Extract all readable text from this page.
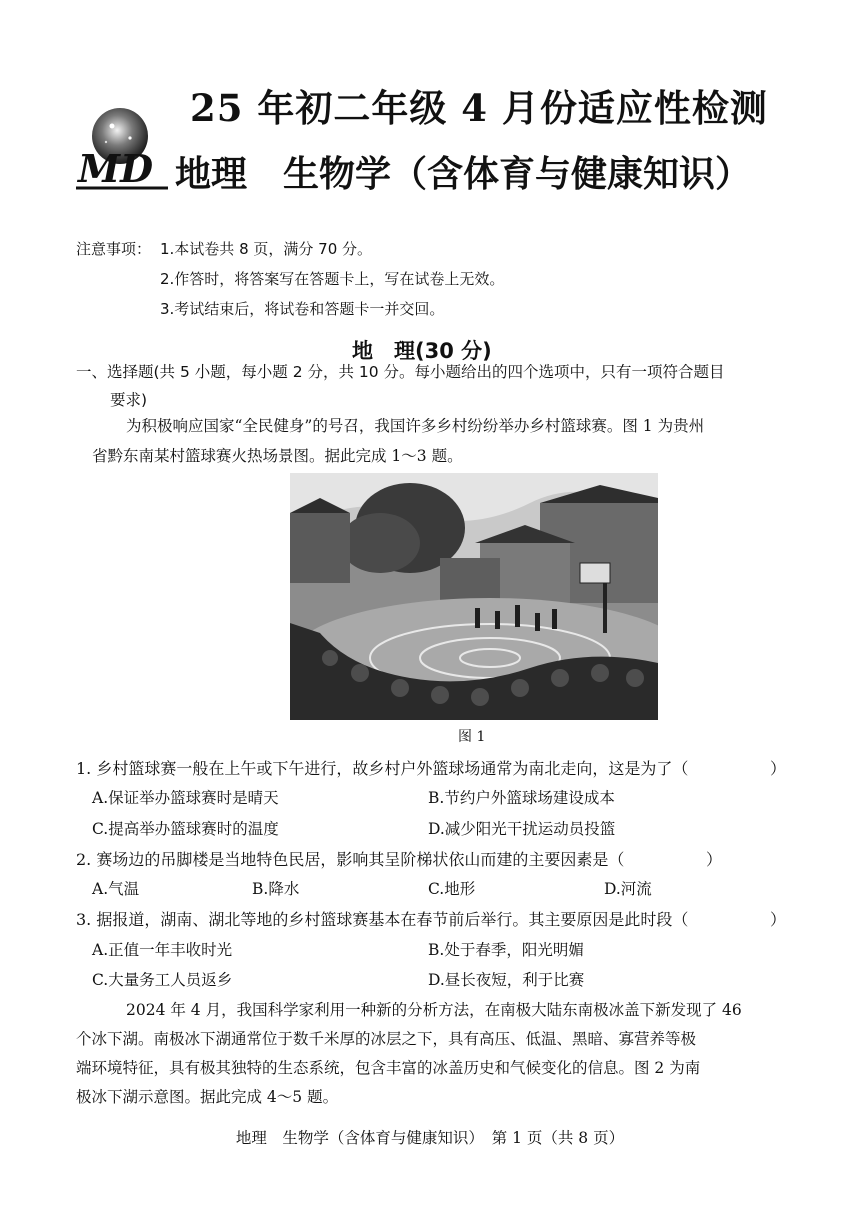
25 年初二年级 4 月份适应性检测
MD 地理　生物学（含体育与健康知识）
注意事项： 1.本试卷共 8 页，满分 70 分。
2.作答时，将答案写在答题卡上，写在试卷上无效。
3.考试结束后，将试卷和答题卡一并交回。
地　理(30 分)
一、选择题(共 5 小题，每小题 2 分，共 10 分。每小题给出的四个选项中，只有一项符合题目
要求)
为积极响应国家“全民健身”的号召，我国许多乡村纷纷举办乡村篮球赛。图 1 为贵州
省黔东南某村篮球赛火热场景图。据此完成 1～3 题。
图 1
1. 乡村篮球赛一般在上午或下午进行，故乡村户外篮球场通常为南北走向，这是为了（	）
A.保证举办篮球赛时是晴天	B.节约户外篮球场建设成本
C.提高举办篮球赛时的温度	D.减少阳光干扰运动员投篮
2. 赛场边的吊脚楼是当地特色民居，影响其呈阶梯状依山而建的主要因素是（	）
A.气温	B.降水	C.地形	D.河流
3. 据报道，湖南、湖北等地的乡村篮球赛基本在春节前后举行。其主要原因是此时段（	）
A.正值一年丰收时光	B.处于春季，阳光明媚
C.大量务工人员返乡	D.昼长夜短，利于比赛
2024 年 4 月，我国科学家利用一种新的分析方法，在南极大陆东南极冰盖下新发现了 46
个冰下湖。南极冰下湖通常位于数千米厚的冰层之下，具有高压、低温、黑暗、寡营养等极
端环境特征，具有极其独特的生态系统，包含丰富的冰盖历史和气候变化的信息。图 2 为南
极冰下湖示意图。据此完成 4～5 题。
地理　生物学（含体育与健康知识）　第 1 页（共 8 页）
